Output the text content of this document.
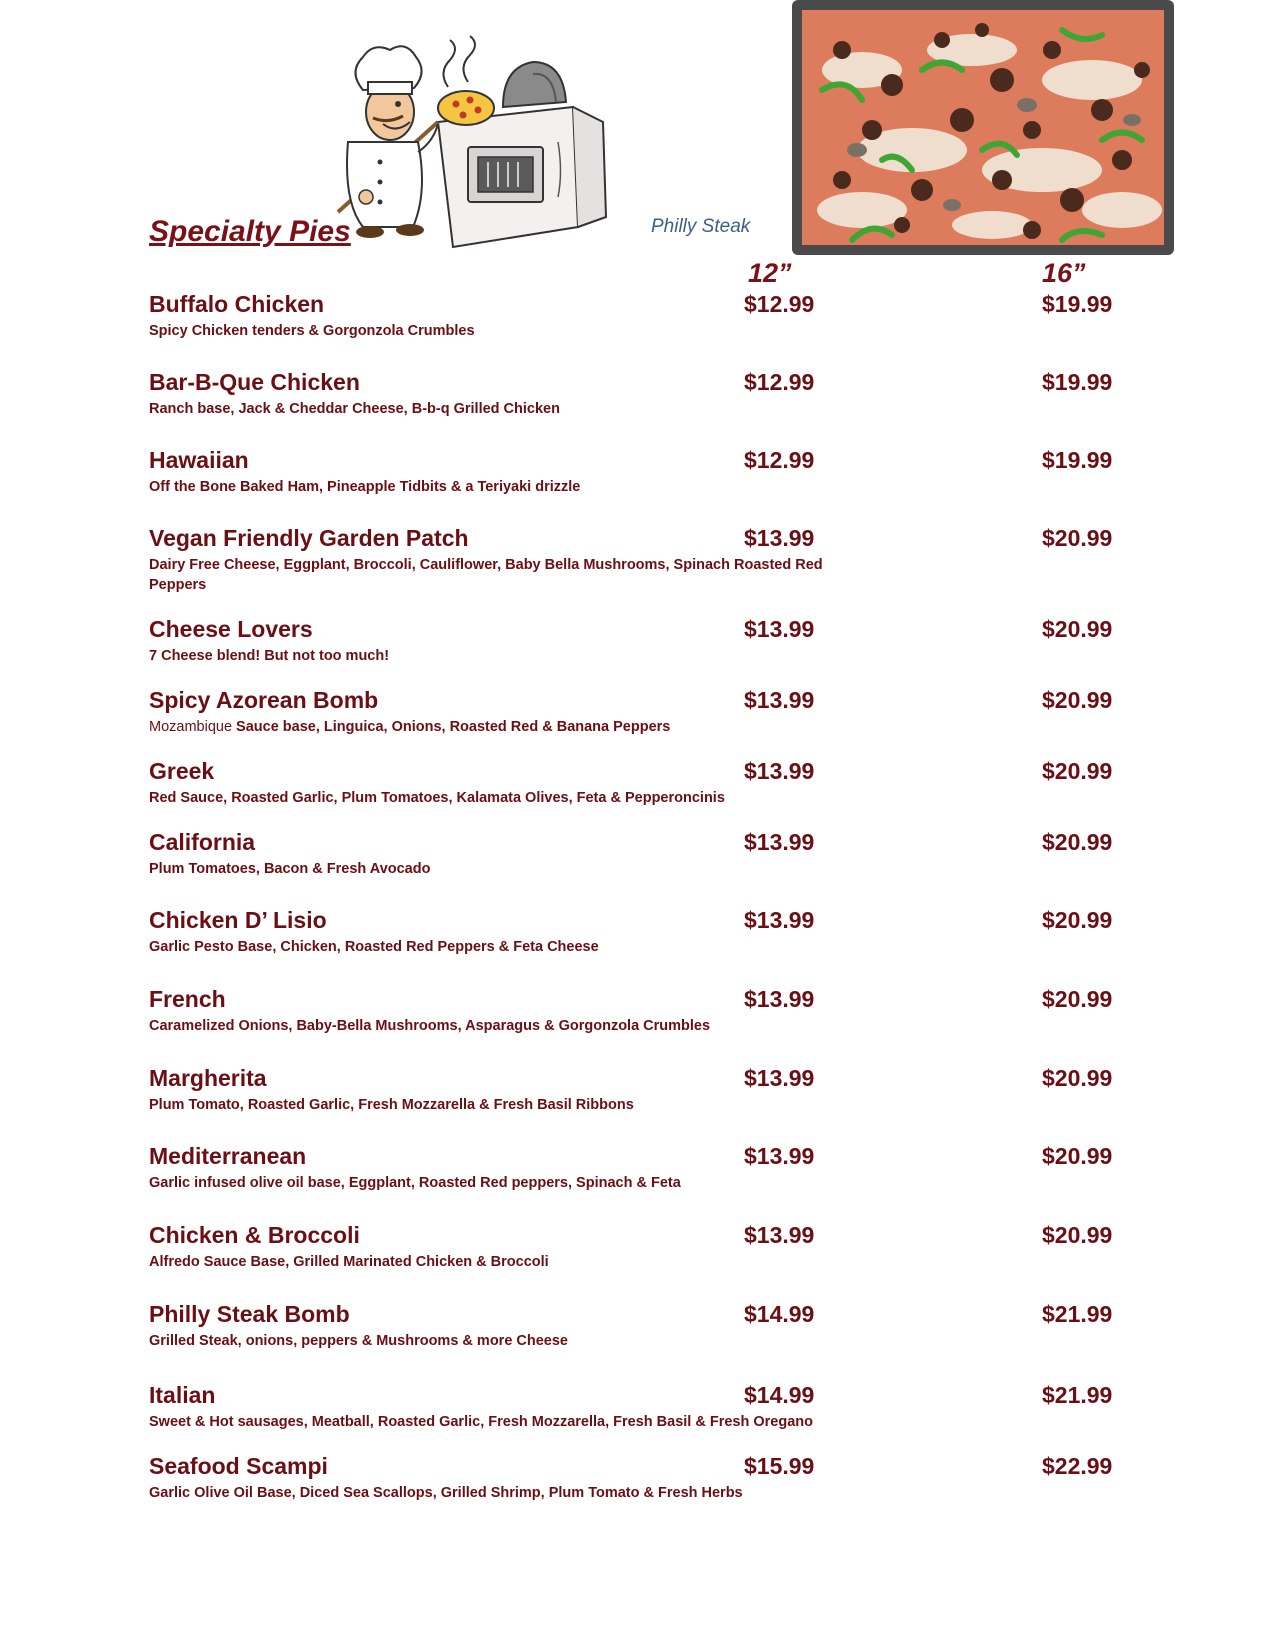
Specialty Pies	Philly Steak
12”	16”
Buffalo Chicken
Spicy Chicken tenders & Gorgonzola Crumbles
$12.99	$19.99
Bar-B-Que Chicken
Ranch base, Jack & Cheddar Cheese, B-b-q Grilled Chicken
$12.99	$19.99
Hawaiian
Off the Bone Baked Ham, Pineapple Tidbits & a Teriyaki drizzle
$12.99	$19.99
Vegan Friendly Garden Patch
Dairy Free Cheese, Eggplant, Broccoli, Cauliflower, Baby Bella Mushrooms, Spinach Roasted Red Peppers
$13.99	$20.99
Cheese Lovers
7 Cheese blend! But not too much!
$13.99	$20.99
Spicy Azorean Bomb
Mozambique Sauce base, Linguica, Onions, Roasted Red & Banana Peppers
$13.99	$20.99
Greek
Red Sauce, Roasted Garlic, Plum Tomatoes, Kalamata Olives, Feta & Pepperoncinis
$13.99	$20.99
California
Plum Tomatoes, Bacon & Fresh Avocado
$13.99	$20.99
Chicken D’ Lisio
Garlic Pesto Base, Chicken, Roasted Red Peppers & Feta Cheese
$13.99	$20.99
French
Caramelized Onions, Baby-Bella Mushrooms, Asparagus & Gorgonzola Crumbles
$13.99	$20.99
Margherita
Plum Tomato, Roasted Garlic, Fresh Mozzarella & Fresh Basil Ribbons
$13.99	$20.99
Mediterranean
Garlic infused olive oil base, Eggplant, Roasted Red peppers, Spinach & Feta
$13.99	$20.99
Chicken & Broccoli
Alfredo Sauce Base, Grilled Marinated Chicken & Broccoli
$13.99	$20.99
Philly Steak Bomb
Grilled Steak, onions, peppers & Mushrooms & more Cheese
$14.99	$21.99
Italian
Sweet & Hot sausages, Meatball, Roasted Garlic, Fresh Mozzarella, Fresh Basil & Fresh Oregano
$14.99	$21.99
Seafood Scampi
Garlic Olive Oil Base, Diced Sea Scallops, Grilled Shrimp, Plum Tomato & Fresh Herbs
$15.99	$22.99
